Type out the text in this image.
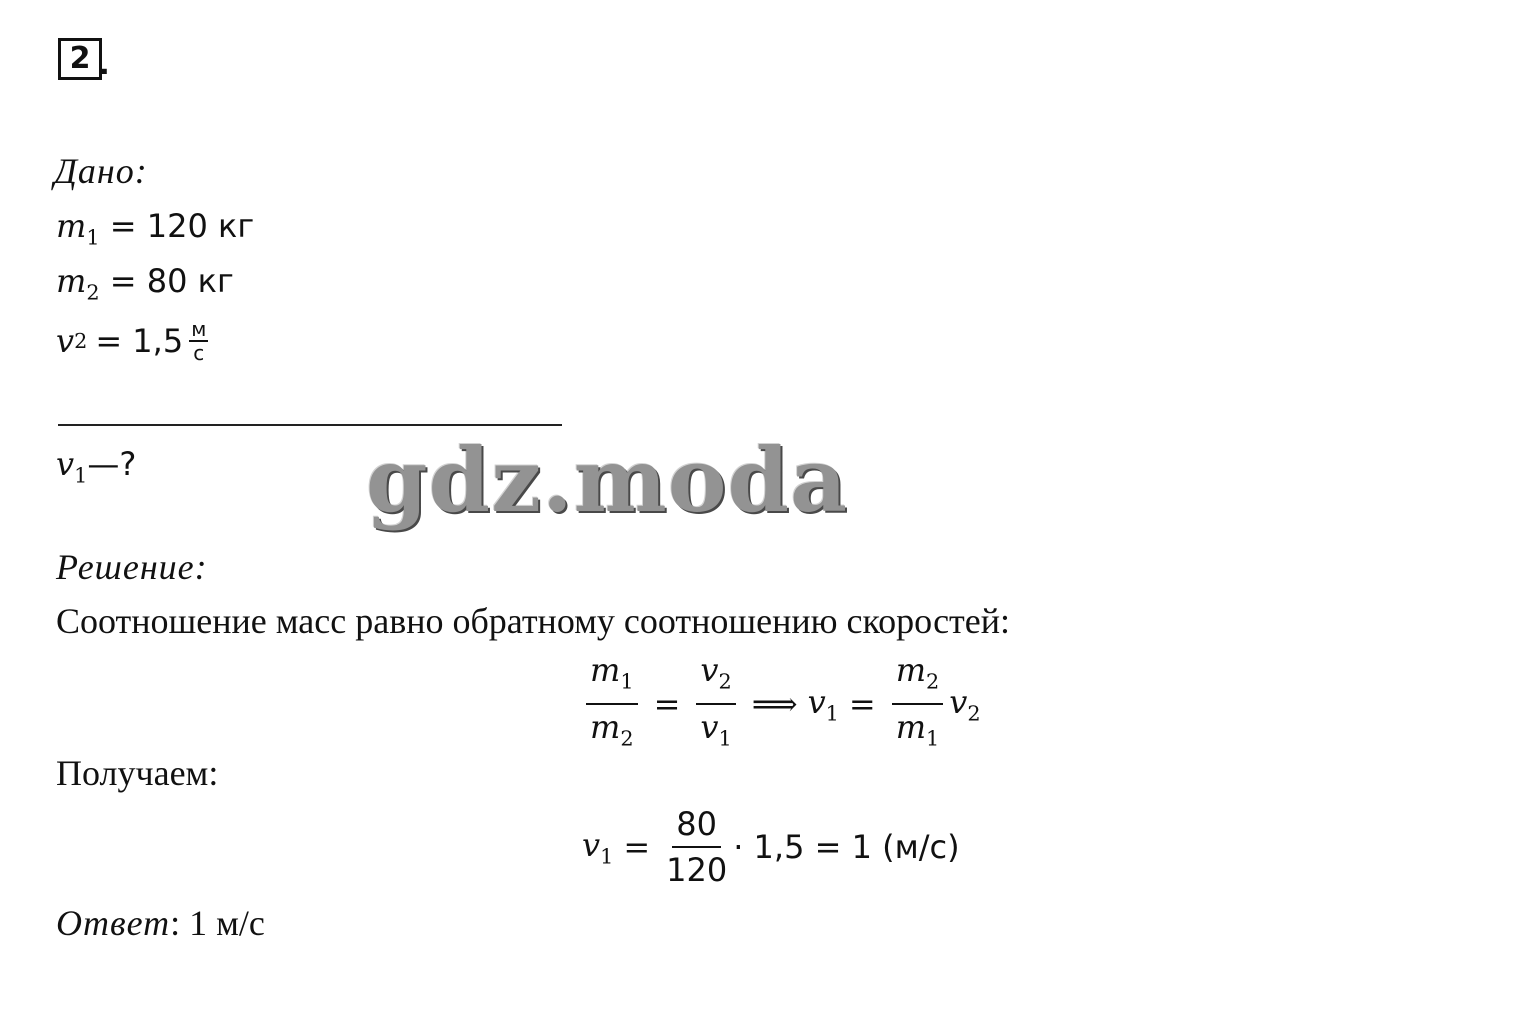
2 .
Дано:
$m_1 = 120$ кг
$m_2 = 80$ кг
v $2 = 1,5 \frac{м}{с}$
$v_1—$?	gdz.moda
Решение:
Соотношение масс равно обратному соотношению скоростей:
$\frac{m_1}{m_2} = \frac{v_2}{v_1}$ ⟹ $v_1 = \frac{m_2}{m_1} v_2$
Получаем:
$v_1 = \frac{80}{120} \cdot 1,5 = 1$ (м/с)
Ответ: 1 м/с
